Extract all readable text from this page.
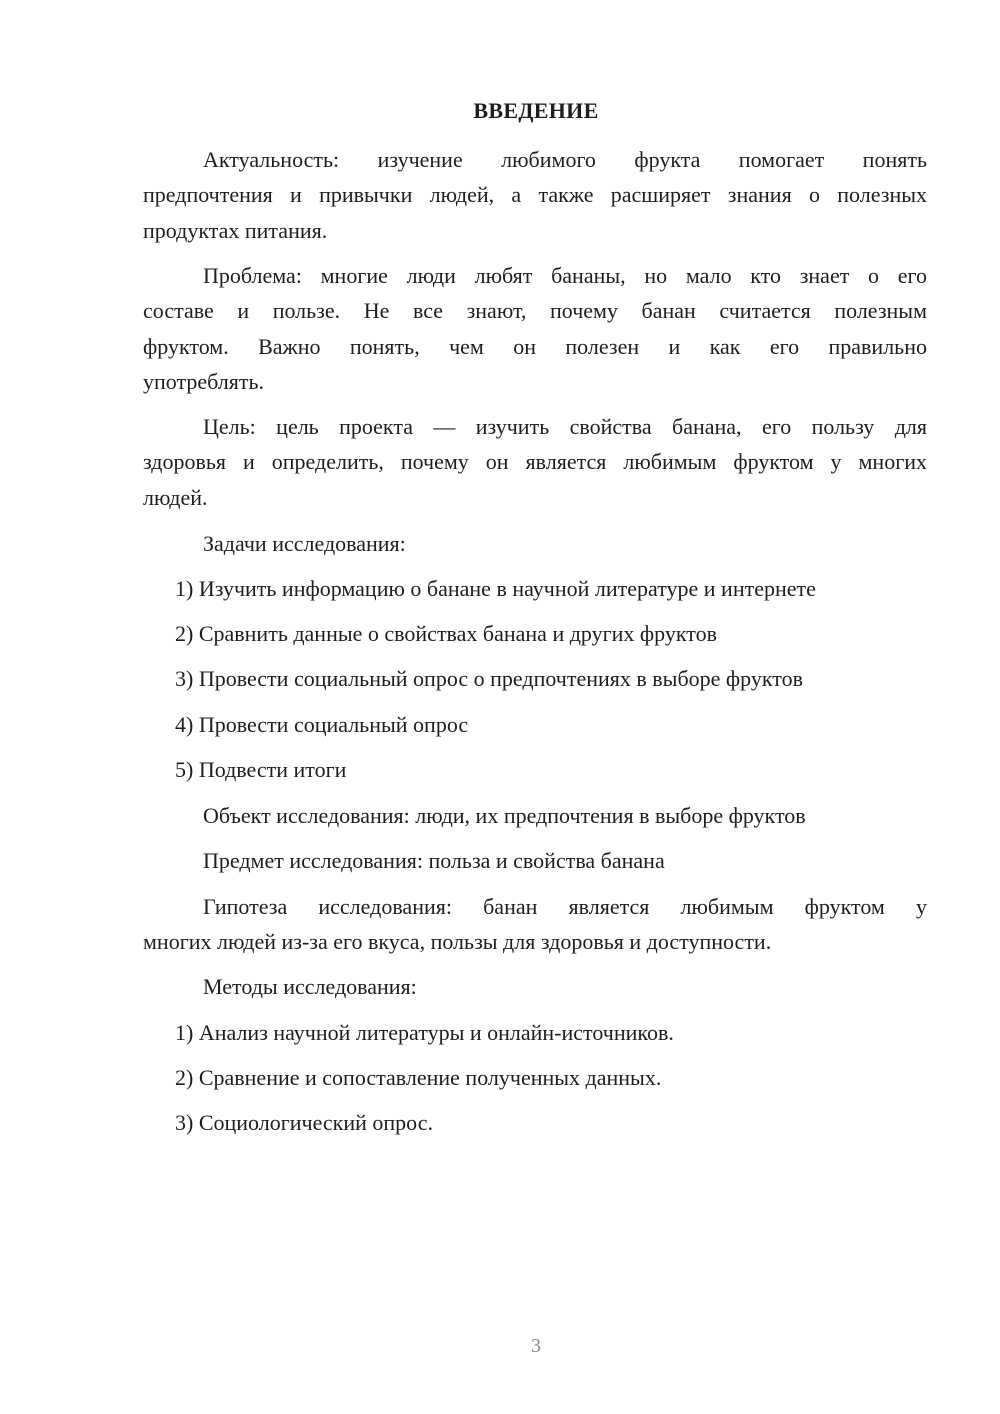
ВВЕДЕНИЕ
Актуальность: изучение любимого фрукта помогает понять
предпочтения и привычки людей, а также расширяет знания о полезных
продуктах питания.
Проблема: многие люди любят бананы, но мало кто знает о его
составе и пользе. Не все знают, почему банан считается полезным
фруктом. Важно понять, чем он полезен и как его правильно
употреблять.
Цель: цель проекта — изучить свойства банана, его пользу для
здоровья и определить, почему он является любимым фруктом у многих
людей.
Задачи исследования:
1) Изучить информацию о банане в научной литературе и интернете
2) Сравнить данные о свойствах банана и других фруктов
3) Провести социальный опрос о предпочтениях в выборе фруктов
4) Провести социальный опрос
5) Подвести итоги
Объект исследования: люди, их предпочтения в выборе фруктов
Предмет исследования: польза и свойства банана
Гипотеза исследования: банан является любимым фруктом у
многих людей из-за его вкуса, пользы для здоровья и доступности.
Методы исследования:
1) Анализ научной литературы и онлайн-источников.
2) Сравнение и сопоставление полученных данных.
3) Социологический опрос.
3
